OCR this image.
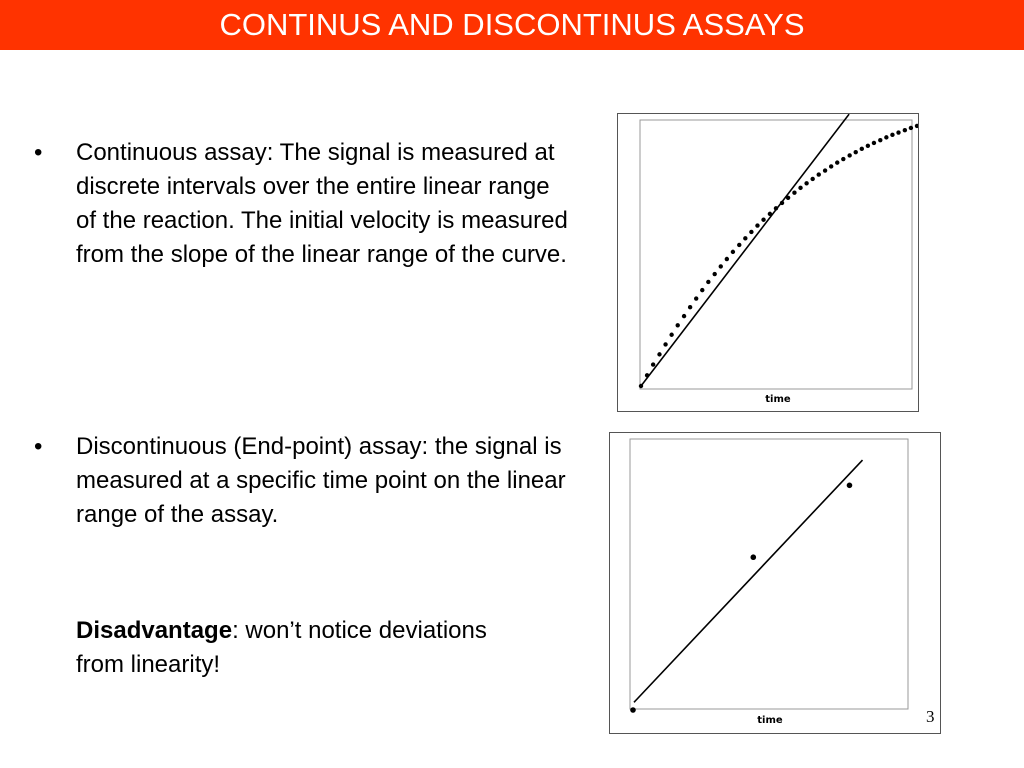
CONTINUS AND DISCONTINUS ASSAYS
• Continuous assay: The signal is measured at discrete intervals over the entire linear range of the reaction. The initial velocity is measured from the slope of the linear range of the curve.
• Discontinuous (End-point) assay: the signal is measured at a specific time point on the linear range of the assay.
Disadvantage: won’t notice deviations from linearity!
time
time	3
